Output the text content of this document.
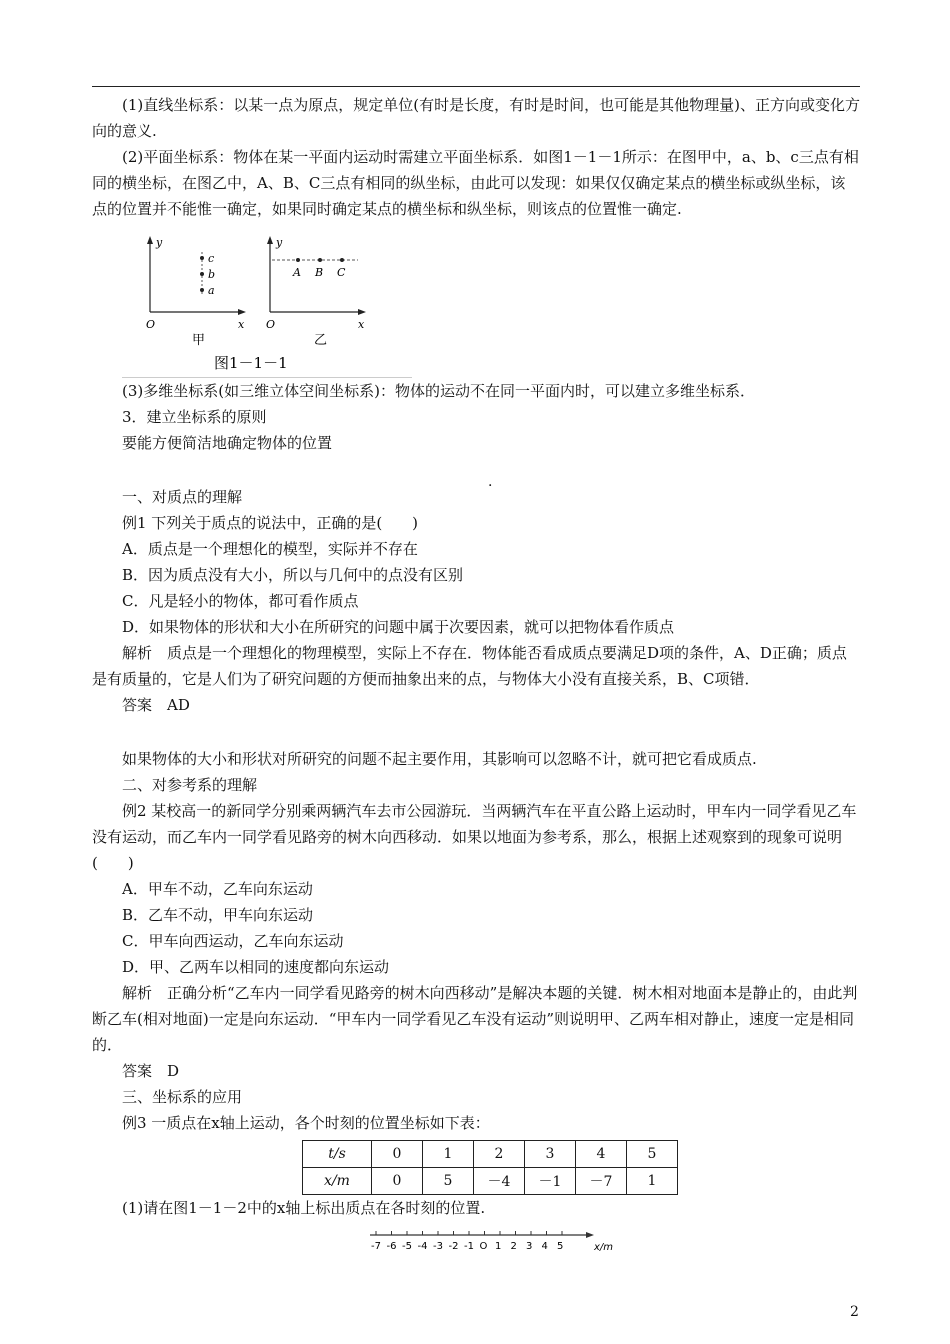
(1)直线坐标系：以某一点为原点，规定单位(有时是长度，有时是时间，也可能是其他物理量)、正方向或变化方向的意义.

(2)平面坐标系：物体在某一平面内运动时需建立平面坐标系．如图1－1－1所示：在图甲中，a、b、c三点有相同的横坐标，在图乙中，A、B、C三点有相同的纵坐标，由此可以发现：如果仅仅确定某点的横坐标或纵坐标，该点的位置并不能惟一确定，如果同时确定某点的横坐标和纵坐标，则该点的位置惟一确定.

y
O	x
c
b
a
甲
y
O	x
A B C
乙
图1－1－1

(3)多维坐标系(如三维立体空间坐标系)：物体的运动不在同一平面内时，可以建立多维坐标系．

3．建立坐标系的原则

要能方便简洁地确定物体的位置

一、对质点的理解

例1 下列关于质点的说法中，正确的是(　　)

A．质点是一个理想化的模型，实际并不存在

B．因为质点没有大小，所以与几何中的点没有区别

C．凡是轻小的物体，都可看作质点

D．如果物体的形状和大小在所研究的问题中属于次要因素，就可以把物体看作质点

解析　质点是一个理想化的物理模型，实际上不存在．物体能否看成质点要满足D项的条件，A、D正确；质点是有质量的，它是人们为了研究问题的方便而抽象出来的点，与物体大小没有直接关系，B、C项错．

答案　AD

如果物体的大小和形状对所研究的问题不起主要作用，其影响可以忽略不计，就可把它看成质点.

二、对参考系的理解

例2 某校高一的新同学分别乘两辆汽车去市公园游玩．当两辆汽车在平直公路上运动时，甲车内一同学看见乙车没有运动，而乙车内一同学看见路旁的树木向西移动．如果以地面为参考系，那么，根据上述观察到的现象可说明(　　)

A．甲车不动，乙车向东运动

B．乙车不动，甲车向东运动

C．甲车向西运动，乙车向东运动

D．甲、乙两车以相同的速度都向东运动

解析　正确分析“乙车内一同学看见路旁的树木向西移动”是解决本题的关键．树木相对地面本是静止的，由此判断乙车(相对地面)一定是向东运动．“甲车内一同学看见乙车没有运动”则说明甲、乙两车相对静止，速度一定是相同的．

答案　D

三、坐标系的应用

例3 一质点在x轴上运动，各个时刻的位置坐标如下表：

t/s	0	1	2	3	4	5
x/m	0	5	－4	－1	－7	1

(1)请在图1－1－2中的x轴上标出质点在各时刻的位置.

-7 -6 -5 -4 -3 -2 -1 O 1 2 3 4 5	x/m
·
2
